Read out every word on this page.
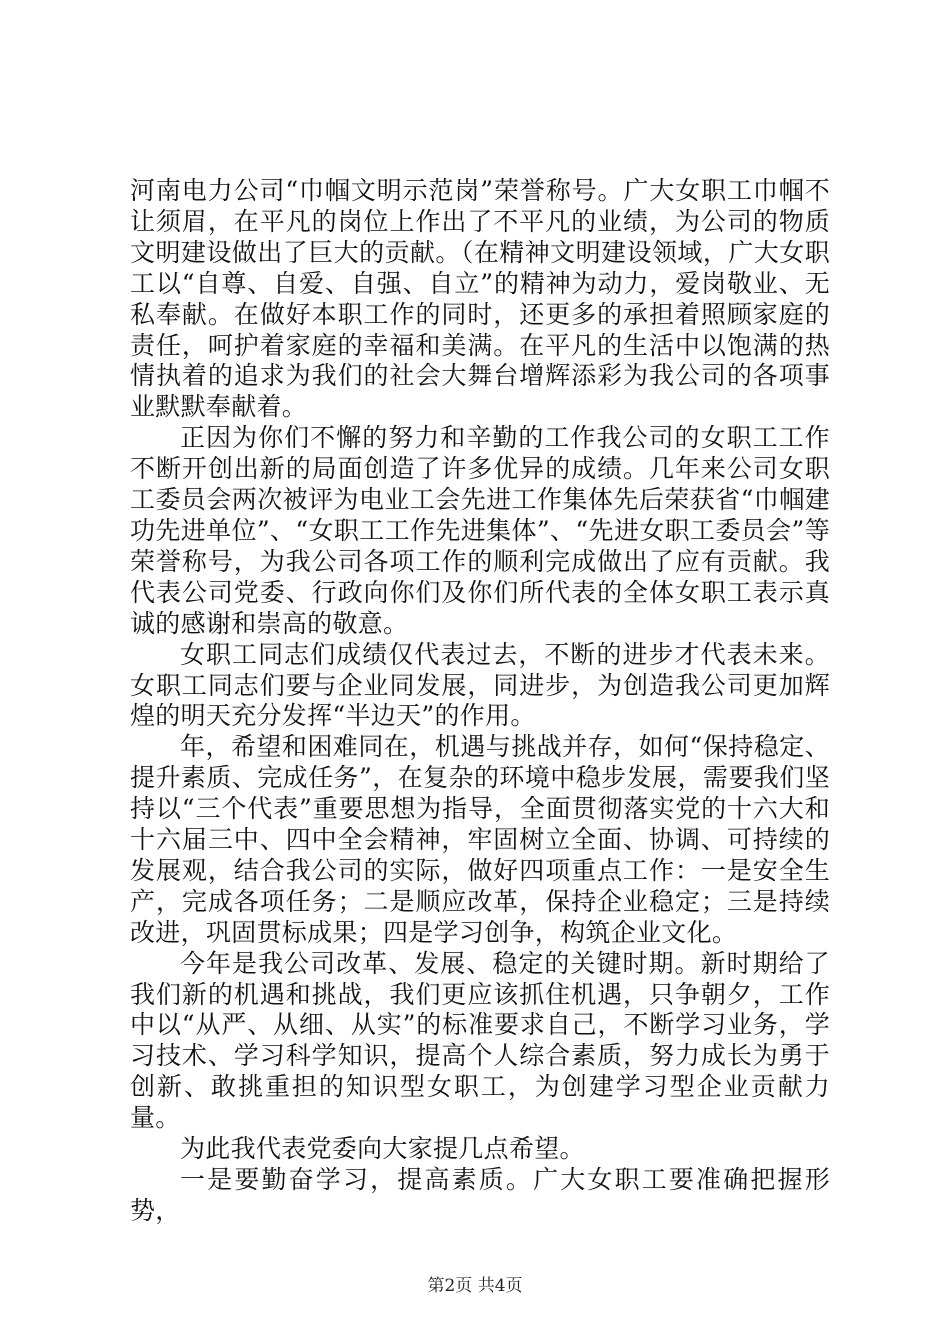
河南电力公司“巾帼文明示范岗”荣誉称号。广大女职工巾帼不让须眉，在平凡的岗位上作出了不平凡的业绩，为公司的物质文明建设做出了巨大的贡献。（在精神文明建设领域，广大女职工以“自尊、自爱、自强、自立”的精神为动力，爱岗敬业、无私奉献。在做好本职工作的同时，还更多的承担着照顾家庭的责任，呵护着家庭的幸福和美满。在平凡的生活中以饱满的热情执着的追求为我们的社会大舞台增辉添彩为我公司的各项事业默默奉献着。

正因为你们不懈的努力和辛勤的工作我公司的女职工工作不断开创出新的局面创造了许多优异的成绩。几年来公司女职工委员会两次被评为电业工会先进工作集体先后荣获省“巾帼建功先进单位”、“女职工工作先进集体”、“先进女职工委员会”等荣誉称号，为我公司各项工作的顺利完成做出了应有贡献。我代表公司党委、行政向你们及你们所代表的全体女职工表示真诚的感谢和崇高的敬意。

女职工同志们成绩仅代表过去，不断的进步才代表未来。女职工同志们要与企业同发展，同进步，为创造我公司更加辉煌的明天充分发挥“半边天”的作用。

年，希望和困难同在，机遇与挑战并存，如何“保持稳定、提升素质、完成任务”，在复杂的环境中稳步发展，需要我们坚持以“三个代表”重要思想为指导，全面贯彻落实党的十六大和十六届三中、四中全会精神，牢固树立全面、协调、可持续的发展观，结合我公司的实际，做好四项重点工作：一是安全生产，完成各项任务；二是顺应改革，保持企业稳定；三是持续改进，巩固贯标成果；四是学习创争，构筑企业文化。

今年是我公司改革、发展、稳定的关键时期。新时期给了我们新的机遇和挑战，我们更应该抓住机遇，只争朝夕，工作中以“从严、从细、从实”的标准要求自己，不断学习业务，学习技术、学习科学知识，提高个人综合素质，努力成长为勇于创新、敢挑重担的知识型女职工，为创建学习型企业贡献力量。

为此我代表党委向大家提几点希望。

一是要勤奋学习，提高素质。广大女职工要准确把握形势，

第2页 共4页
